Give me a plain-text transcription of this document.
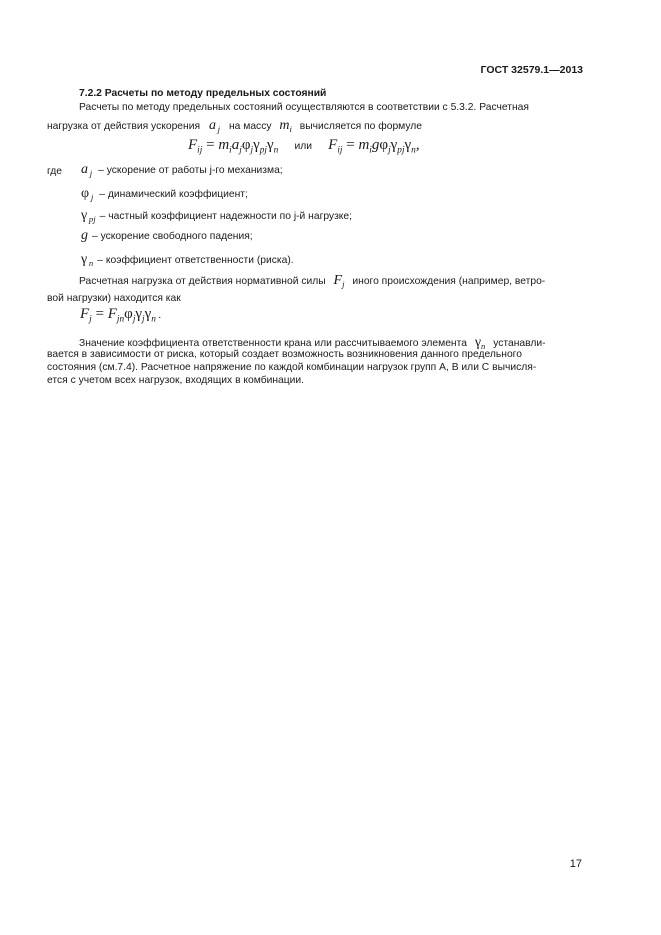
ГОСТ 32579.1—2013
7.2.2 Расчеты по методу предельных состояний
Расчеты по методу предельных состояний осуществляются в соответствии с 5.3.2. Расчетная
нагрузка от действия ускорения a $_j$ на массу $m_i$ вычисляется по формуле
$F_{ij} = m_ia_j\varphi_j\gamma_{pj}\gamma_n$ или $F_{ij} = m_ig\varphi_j\gamma_{pj}\gamma_n$,
где a $_j$ – ускорение от работы j-го механизма;
φ $_j$ – динамический коэффициент;
γ $_{pj}$ – частный коэффициент надежности по j-й нагрузке;
g – ускорение свободного падения;
γ $_n$ – коэффициент ответственности (риска).
Расчетная нагрузка от действия нормативной силы $F_j$ иного происхождения (например, ветро-
вой нагрузки) находится как
$F_j = F_{jn}\varphi_j\gamma_j\gamma_n$ .
Значение коэффициента ответственности крана или рассчитываемого элемента $\gamma_n$ устанавли-
вается в зависимости от риска, который создает возможность возникновения данного предельного
состояния (см.7.4). Расчетное напряжение по каждой комбинации нагрузок групп А, В или С вычисля-
ется с учетом всех нагрузок, входящих в комбинации.
17
